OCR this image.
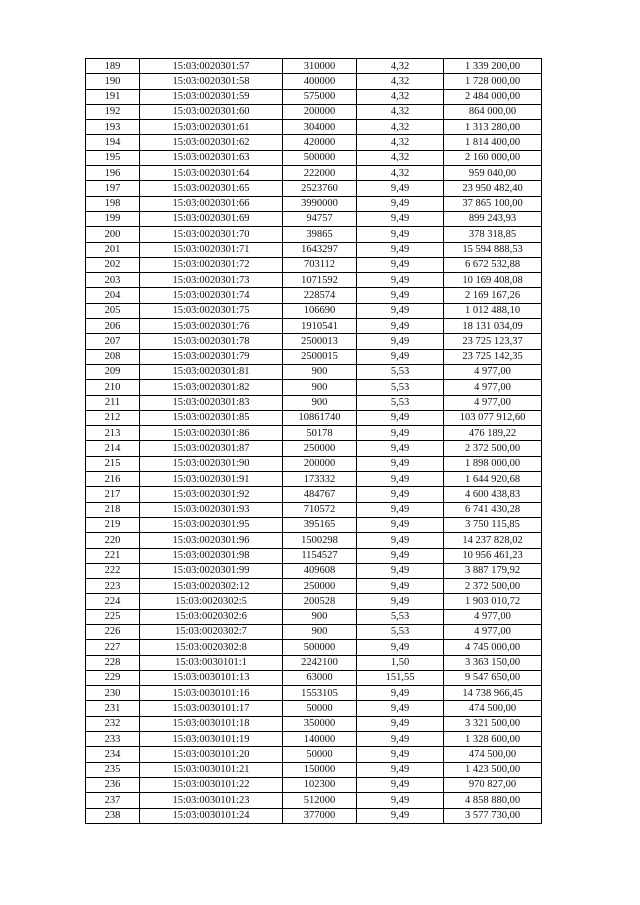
189	15:03:0020301:57	310000	4,32	1 339 200,00
190	15:03:0020301:58	400000	4,32	1 728 000,00
191	15:03:0020301:59	575000	4,32	2 484 000,00
192	15:03:0020301:60	200000	4,32	864 000,00
193	15:03:0020301:61	304000	4,32	1 313 280,00
194	15:03:0020301:62	420000	4,32	1 814 400,00
195	15:03:0020301:63	500000	4,32	2 160 000,00
196	15:03:0020301:64	222000	4,32	959 040,00
197	15:03:0020301:65	2523760	9,49	23 950 482,40
198	15:03:0020301:66	3990000	9,49	37 865 100,00
199	15:03:0020301:69	94757	9,49	899 243,93
200	15:03:0020301:70	39865	9,49	378 318,85
201	15:03:0020301:71	1643297	9,49	15 594 888,53
202	15:03:0020301:72	703112	9,49	6 672 532,88
203	15:03:0020301:73	1071592	9,49	10 169 408,08
204	15:03:0020301:74	228574	9,49	2 169 167,26
205	15:03:0020301:75	106690	9,49	1 012 488,10
206	15:03:0020301:76	1910541	9,49	18 131 034,09
207	15:03:0020301:78	2500013	9,49	23 725 123,37
208	15:03:0020301:79	2500015	9,49	23 725 142,35
209	15:03:0020301:81	900	5,53	4 977,00
210	15:03:0020301:82	900	5,53	4 977,00
211	15:03:0020301:83	900	5,53	4 977,00
212	15:03:0020301:85	10861740	9,49	103 077 912,60
213	15:03:0020301:86	50178	9,49	476 189,22
214	15:03:0020301:87	250000	9,49	2 372 500,00
215	15:03:0020301:90	200000	9,49	1 898 000,00
216	15:03:0020301:91	173332	9,49	1 644 920,68
217	15:03:0020301:92	484767	9,49	4 600 438,83
218	15:03:0020301:93	710572	9,49	6 741 430,28
219	15:03:0020301:95	395165	9,49	3 750 115,85
220	15:03:0020301:96	1500298	9,49	14 237 828,02
221	15:03:0020301:98	1154527	9,49	10 956 461,23
222	15:03:0020301:99	409608	9,49	3 887 179,92
223	15:03:0020302:12	250000	9,49	2 372 500,00
224	15:03:0020302:5	200528	9,49	1 903 010,72
225	15:03:0020302:6	900	5,53	4 977,00
226	15:03:0020302:7	900	5,53	4 977,00
227	15:03:0020302:8	500000	9,49	4 745 000,00
228	15:03:0030101:1	2242100	1,50	3 363 150,00
229	15:03:0030101:13	63000	151,55	9 547 650,00
230	15:03:0030101:16	1553105	9,49	14 738 966,45
231	15:03:0030101:17	50000	9,49	474 500,00
232	15:03:0030101:18	350000	9,49	3 321 500,00
233	15:03:0030101:19	140000	9,49	1 328 600,00
234	15:03:0030101:20	50000	9,49	474 500,00
235	15:03:0030101:21	150000	9,49	1 423 500,00
236	15:03:0030101:22	102300	9,49	970 827,00
237	15:03:0030101:23	512000	9,49	4 858 880,00
238	15:03:0030101:24	377000	9,49	3 577 730,00
